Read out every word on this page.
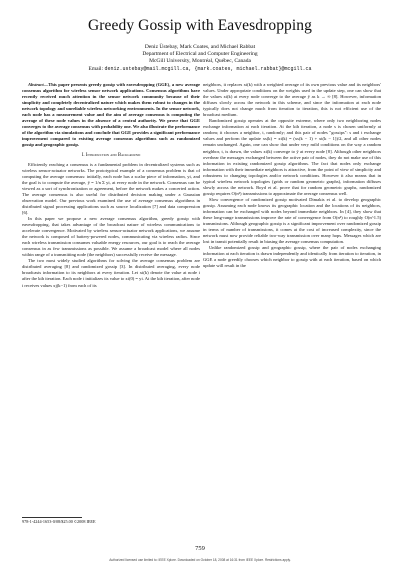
Greedy Gossip with Eavesdropping
Deniz Üstebay, Mark Coates, and Michael Rabbat
Department of Electrical and Computer Engineering
McGill University, Montréal, Québec, Canada
Email: deniz.ustebay@mail.mcgill.ca, {mark.coates, michael.rabbat}@mcgill.ca

Abstract—This paper presents greedy gossip with eavesdropping (GGE), a new average consensus algorithm for wireless sensor network applications. Consensus algorithms have recently received much attention in the sensor network community because of their simplicity and completely decentralized nature which makes them robust to changes in the network topology and unreliable wireless networking environments. In the sensor network, each node has a measurement value and the aim of average consensus is computing the average of these node values in the absence of a central authority. We prove that GGE converges to the average consensus with probability one. We also illustrate the performance of the algorithm via simulations and conclude that GGE provides a significant performance improvement compared to existing average consensus algorithms such as randomized gossip and geographic gossip.

I. Introduction and Background

Efficiently reaching a consensus is a fundamental problem in decentralized systems such as wireless sensor-actuator networks. The prototypical example of a consensus problem is that of computing the average consensus: initially, each node has a scalar piece of information, yi, and the goal is to compute the average, ȳ = 1/n Σ yi, at every node in the network. Consensus can be viewed as a sort of synchronization or agreement, before the network makes a concerted action. The average consensus is also useful for distributed decision making under a Gaussian observation model. Our previous work examined the use of average consensus algorithms in distributed signal processing applications such as source localization [7] and data compression [6].

In this paper we propose a new average consensus algorithm, greedy gossip with eavesdropping, that takes advantage of the broadcast nature of wireless communications to accelerate convergence. Motivated by wireless sensor-actuator network applications, we assume the network is composed of battery-powered nodes, communicating via wireless radios. Since each wireless transmission consumes valuable energy resources, our goal is to reach the average consensus in as few transmissions as possible. We assume a broadcast model where all nodes within range of a transmitting node (the neighbors) successfully receive the message.

The two most widely studied algorithms for solving the average consensus problem are distributed averaging [8] and randomized gossip [3]. In distributed averaging, every node broadcasts information to its neighbors at every iteration. Let xi(k) denote the value at node i after the kth iteration. Each node i initializes its value to xi(0) = yi. At the kth iteration, after node i receives values xj(k−1) from each of its

neighbors, it replaces xi(k) with a weighted average of its own previous value and its neighbors' values. Under appropriate conditions on the weights used in the update step, one can show that the values xi(k) at every node converge to the average ȳ as k → ∞ [8]. However, information diffuses slowly across the network in this scheme, and since the information at each node typically does not change much from iteration to iteration, this is not efficient use of the broadcast medium.

Randomized gossip operates at the opposite extreme, where only two neighboring nodes exchange information at each iteration. At the kth iteration, a node s is chosen uniformly at random; it chooses a neighbor, t, randomly; and this pair of nodes "gossips": s and t exchange values and perform the update xs(k) = xt(k) = (xs(k − 1) + xt(k − 1))/2, and all other nodes remain unchanged. Again, one can show that under very mild conditions on the way a random neighbor, t, is drawn, the values xi(k) converge to ȳ at every node [8]. Although other neighbors overhear the messages exchanged between the active pair of nodes, they do not make use of this information in existing randomized gossip algorithms. The fact that nodes only exchange information with their immediate neighbors is attractive, from the point of view of simplicity and robustness to changing topologies and/or network conditions. However it also means that in typical wireless network topologies (grids or random geometric graphs), information diffuses slowly across the network. Boyd et al. prove that for random geometric graphs, randomized gossip requires O(n²) transmissions to approximate the average consensus well.

Slow convergence of randomized gossip motivated Dimakis et al. to develop geographic gossip. Assuming each node knows its geographic location and the locations of its neighbors, information can be exchanged with nodes beyond immediate neighbors. In [4], they show that these long-range transmissions improve the rate of convergence from O(n²) to roughly O(n^1.5) transmissions. Although geographic gossip is a significant improvement over randomized gossip in terms of number of transmissions, it comes at the cost of increased complexity, since the network must now provide reliable two-way transmission over many hops. Messages which are lost in transit potentially result in biasing the average consensus computation.

Unlike randomized gossip and geographic gossip, where the pair of nodes exchanging information at each iteration is drawn independently and identically from iteration to iteration, in GGE a node greedily chooses which neighbor to gossip with at each iteration, based on which update will result in the

978-1-4244-1653-0/08/$25.00 ©2008 IEEE
759
Authorized licensed use limited to: IEEE Xplore. Downloaded on October 18, 2008 at 16:31 from IEEE Xplore. Restrictions apply.
